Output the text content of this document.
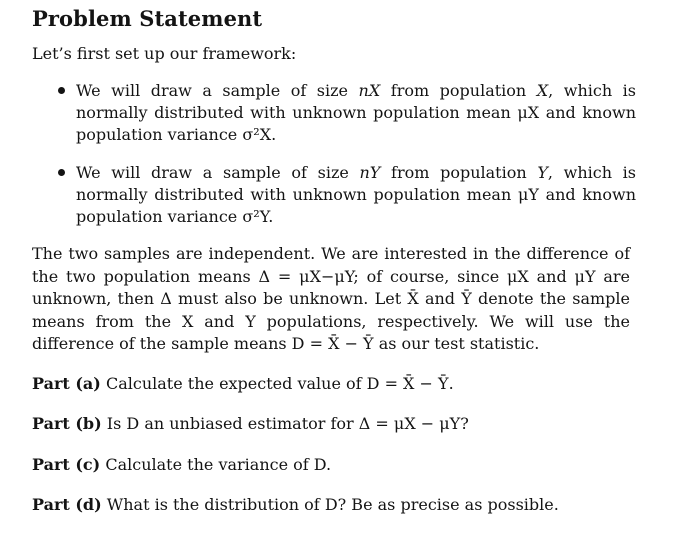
Problem Statement
Let’s first set up our framework:
We will draw a sample of size nX from population X, which is normally distributed with unknown population mean μX and known population variance σ²X.
We will draw a sample of size nY from population Y, which is normally distributed with unknown population mean μY and known population variance σ²Y.
The two samples are independent. We are interested in the difference of the two population means Δ = μX−μY; of course, since μX and μY are unknown, then Δ must also be unknown. Let X̄ and Ȳ denote the sample means from the X and Y populations, respectively. We will use the difference of the sample means D = X̄ − Ȳ as our test statistic.
Part (a) Calculate the expected value of D = X̄ − Ȳ.
Part (b) Is D an unbiased estimator for Δ = μX − μY?
Part (c) Calculate the variance of D.
Part (d) What is the distribution of D? Be as precise as possible.
